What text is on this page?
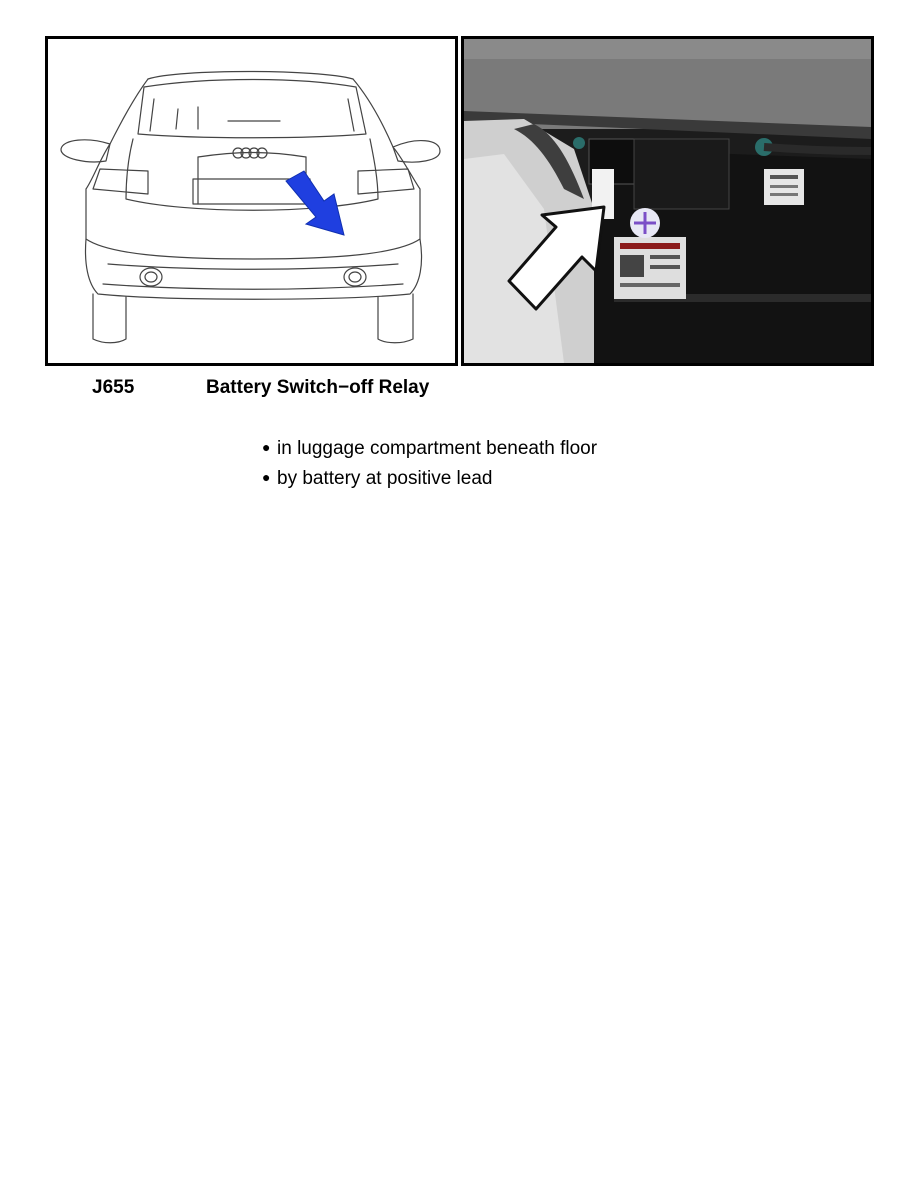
J655	Battery Switch−off Relay
● in luggage compartment beneath floor
● by battery at positive lead
